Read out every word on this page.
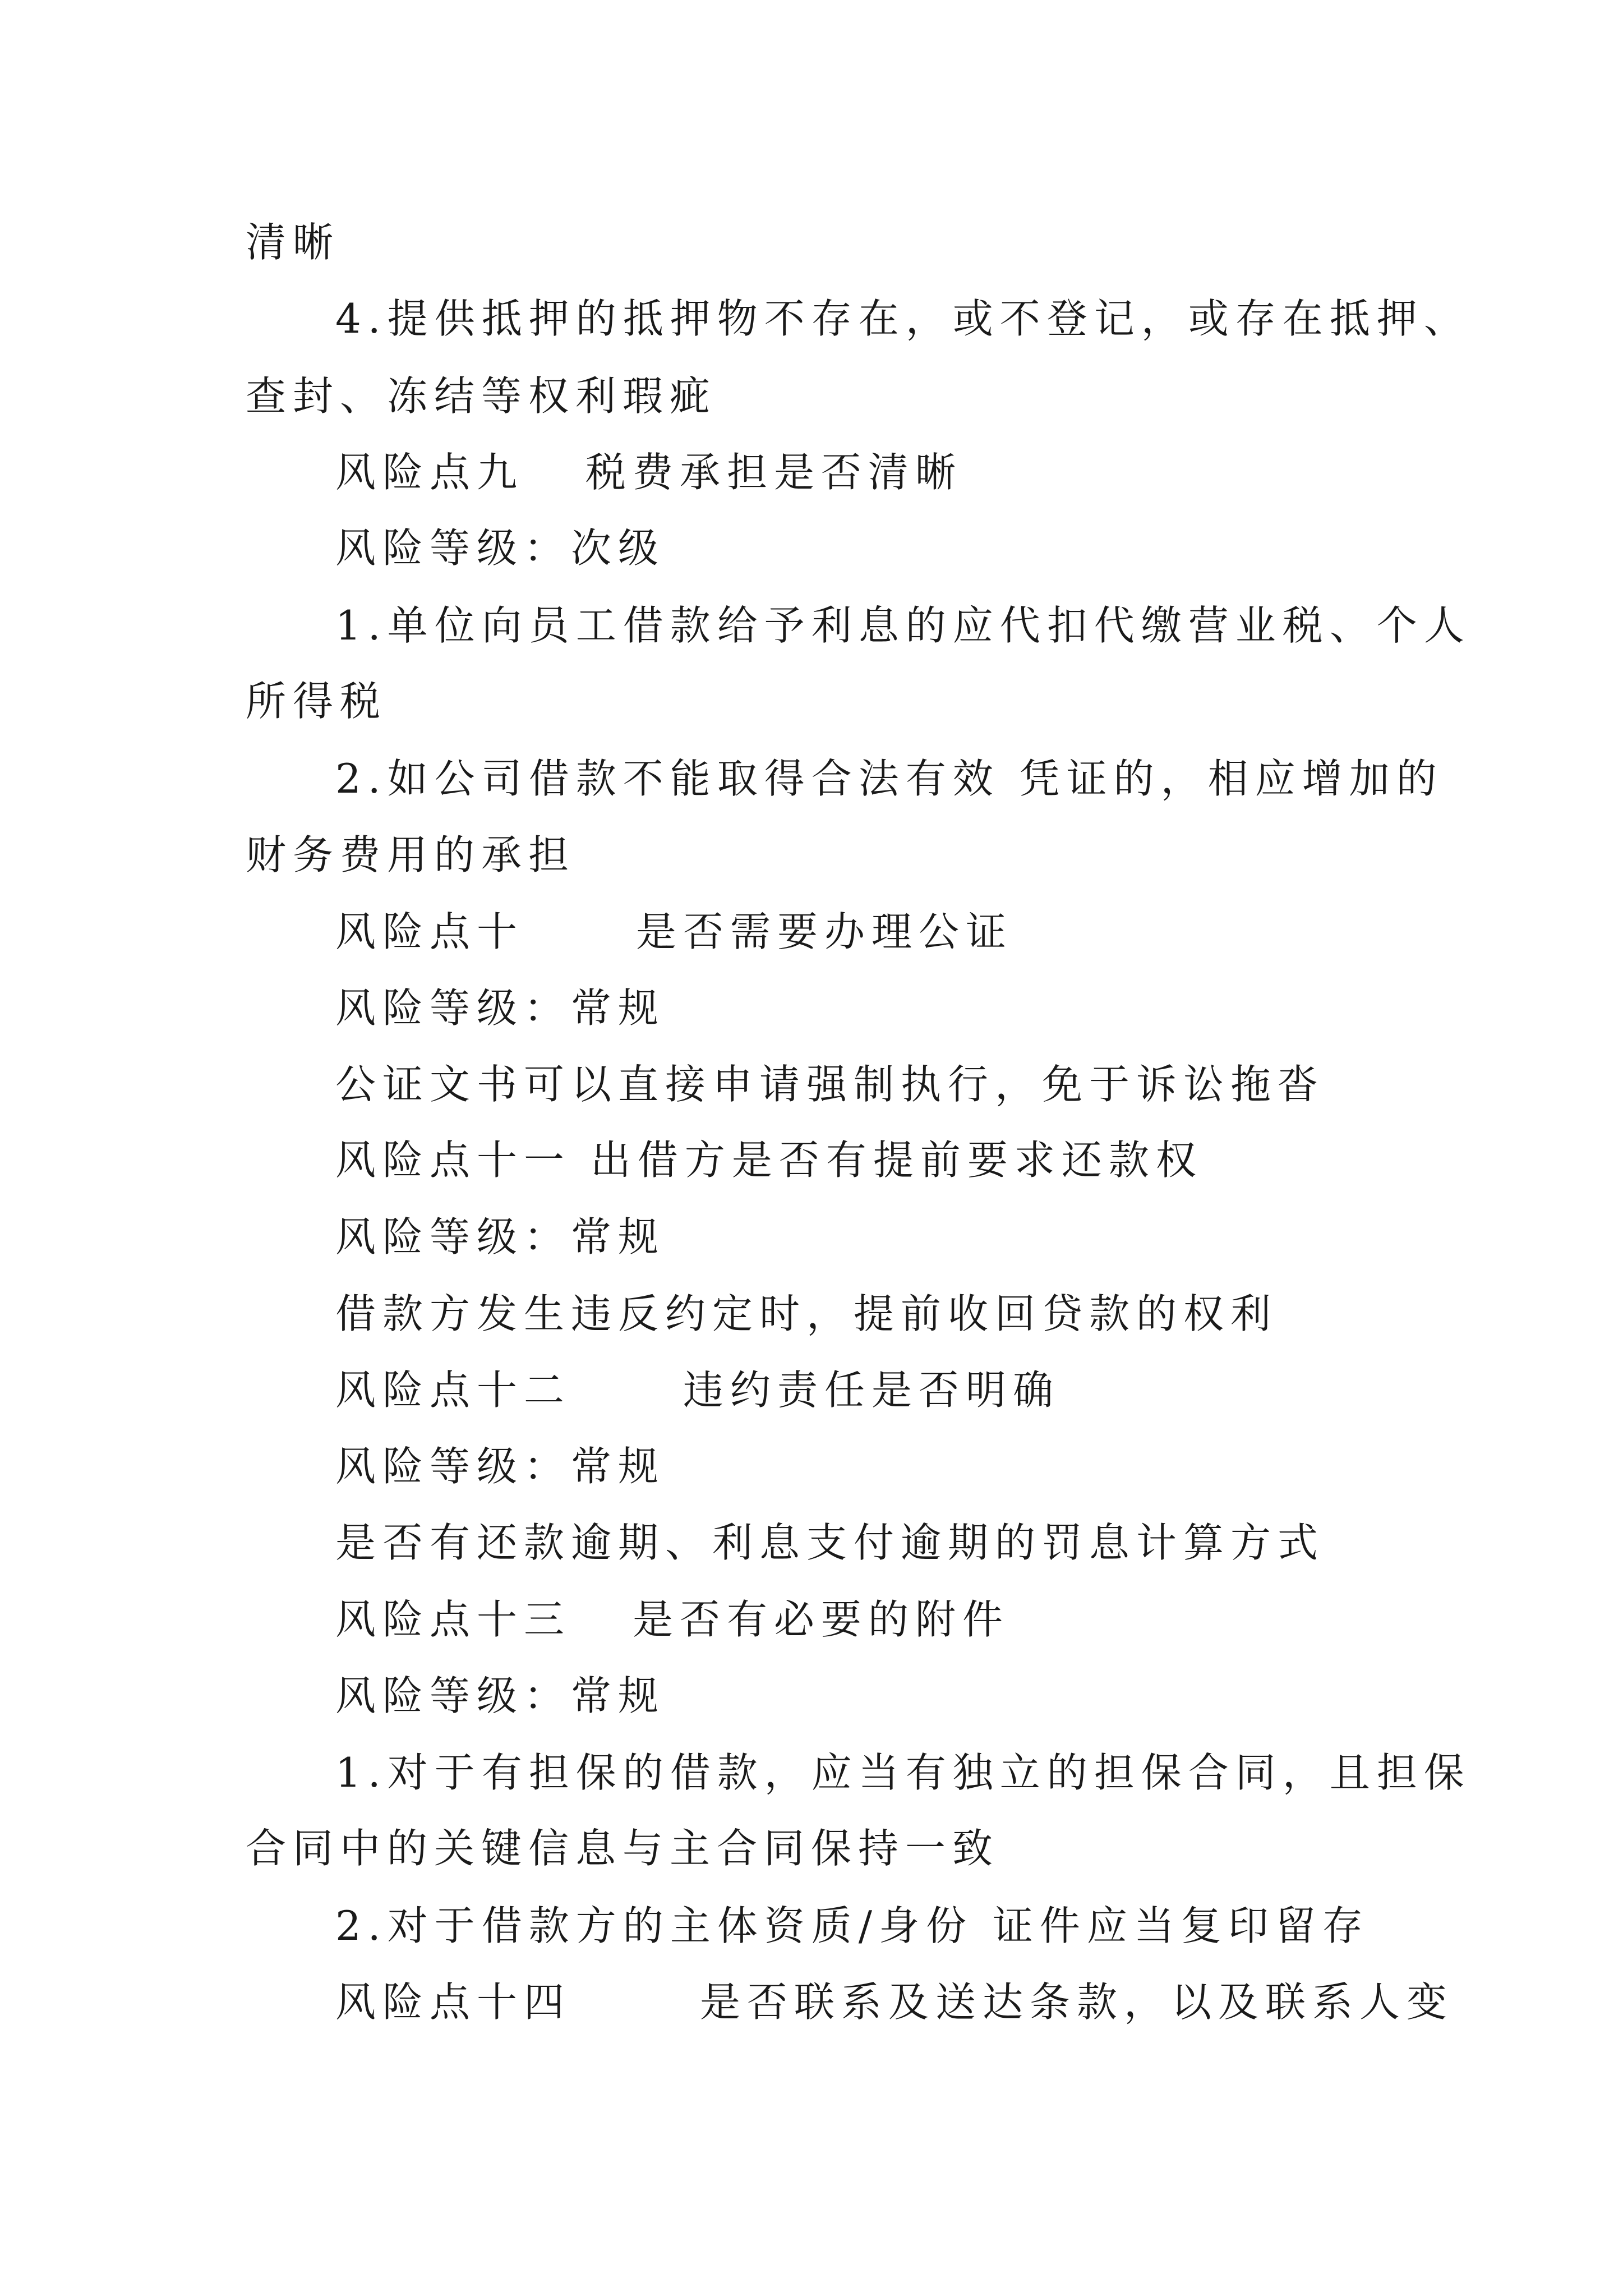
清晰
4.提供抵押的抵押物不存在，或不登记，或存在抵押、
查封、冻结等权利瑕疵
风险点九 税费承担是否清晰
风险等级：次级
1.单位向员工借款给予利息的应代扣代缴营业税、个人
所得税
2.如公司借款不能取得合法有效 凭证的，相应增加的
财务费用的承担
风险点十	是否需要办理公证
风险等级：常规
公证文书可以直接申请强制执行，免于诉讼拖沓
风险点十一 出借方是否有提前要求还款权
风险等级：常规
借款方发生违反约定时，提前收回贷款的权利
风险点十二	违约责任是否明确
风险等级：常规
是否有还款逾期、利息支付逾期的罚息计算方式
风险点十三 是否有必要的附件
风险等级：常规
1.对于有担保的借款，应当有独立的担保合同，且担保
合同中的关键信息与主合同保持一致
2.对于借款方的主体资质/身份 证件应当复印留存
风险点十四	是否联系及送达条款，以及联系人变
